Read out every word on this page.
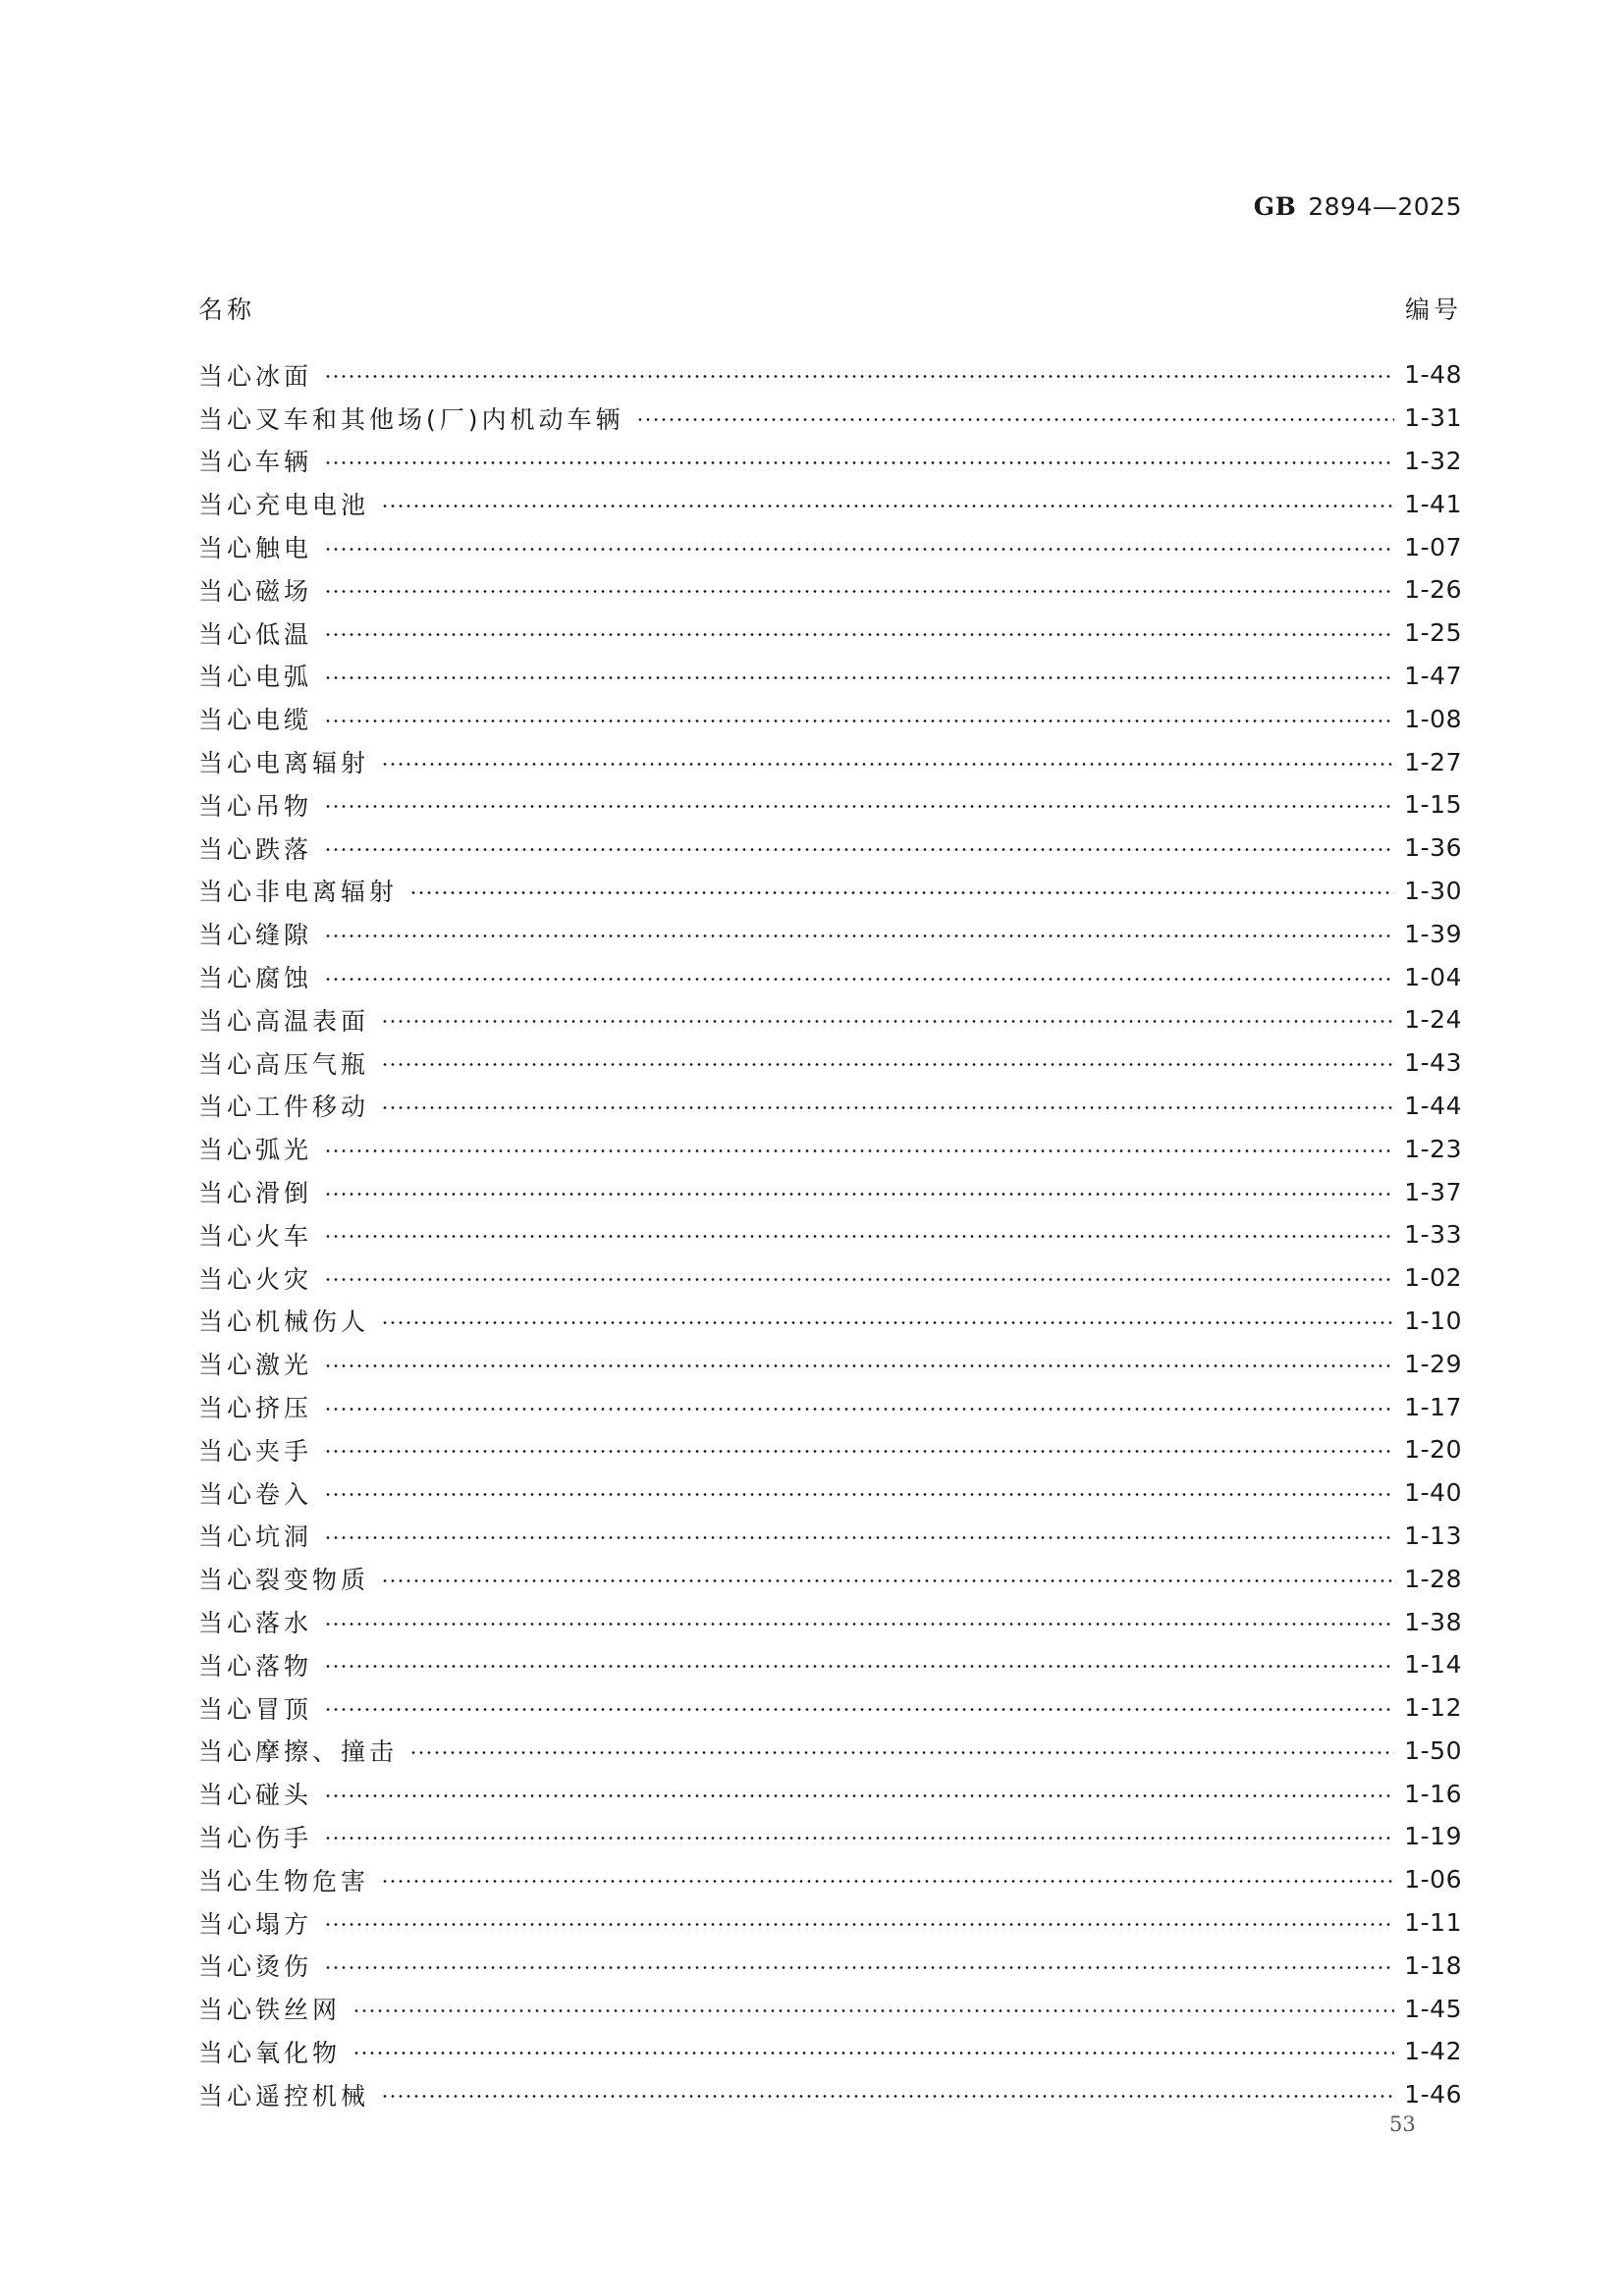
GB 2894—2025
名称	编号
当心冰面	1-48
当心叉车和其他场(厂)内机动车辆	1-31
当心车辆	1-32
当心充电电池	1-41
当心触电	1-07
当心磁场	1-26
当心低温	1-25
当心电弧	1-47
当心电缆	1-08
当心电离辐射	1-27
当心吊物	1-15
当心跌落	1-36
当心非电离辐射	1-30
当心缝隙	1-39
当心腐蚀	1-04
当心高温表面	1-24
当心高压气瓶	1-43
当心工件移动	1-44
当心弧光	1-23
当心滑倒	1-37
当心火车	1-33
当心火灾	1-02
当心机械伤人	1-10
当心激光	1-29
当心挤压	1-17
当心夹手	1-20
当心卷入	1-40
当心坑洞	1-13
当心裂变物质	1-28
当心落水	1-38
当心落物	1-14
当心冒顶	1-12
当心摩擦、撞击	1-50
当心碰头	1-16
当心伤手	1-19
当心生物危害	1-06
当心塌方	1-11
当心烫伤	1-18
当心铁丝网	1-45
当心氧化物	1-42
当心遥控机械	1-46
53
